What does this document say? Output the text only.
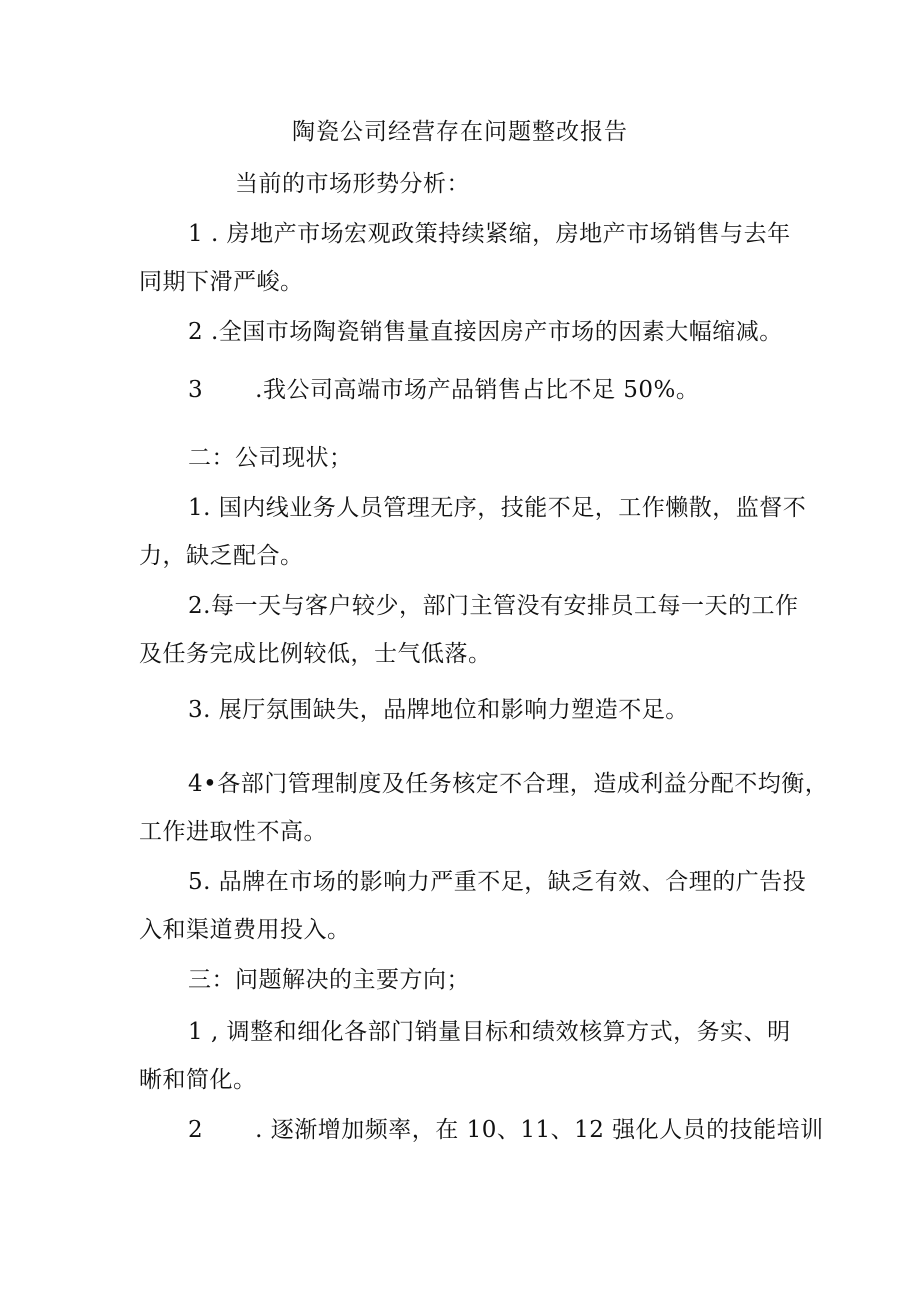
陶瓷公司经营存在问题整改报告
当前的市场形势分析：
1 . 房地产市场宏观政策持续紧缩，房地产市场销售与去年
同期下滑严峻。
2 .全国市场陶瓷销售量直接因房产市场的因素大幅缩减。
3 .我公司高端市场产品销售占比不足 50%。
二：公司现状；
1. 国内线业务人员管理无序，技能不足，工作懒散，监督不
力，缺乏配合。
2.每一天与客户较少，部门主管没有安排员工每一天的工作
及任务完成比例较低，士气低落。
3. 展厅氛围缺失，品牌地位和影响力塑造不足。
4•各部门管理制度及任务核定不合理，造成利益分配不均衡，
工作进取性不高。
5. 品牌在市场的影响力严重不足，缺乏有效、合理的广告投
入和渠道费用投入。
三：问题解决的主要方向；
1 , 调整和细化各部门销量目标和绩效核算方式，务实、明
晰和简化。
2 . 逐渐增加频率，在 10、11、12 强化人员的技能培训
